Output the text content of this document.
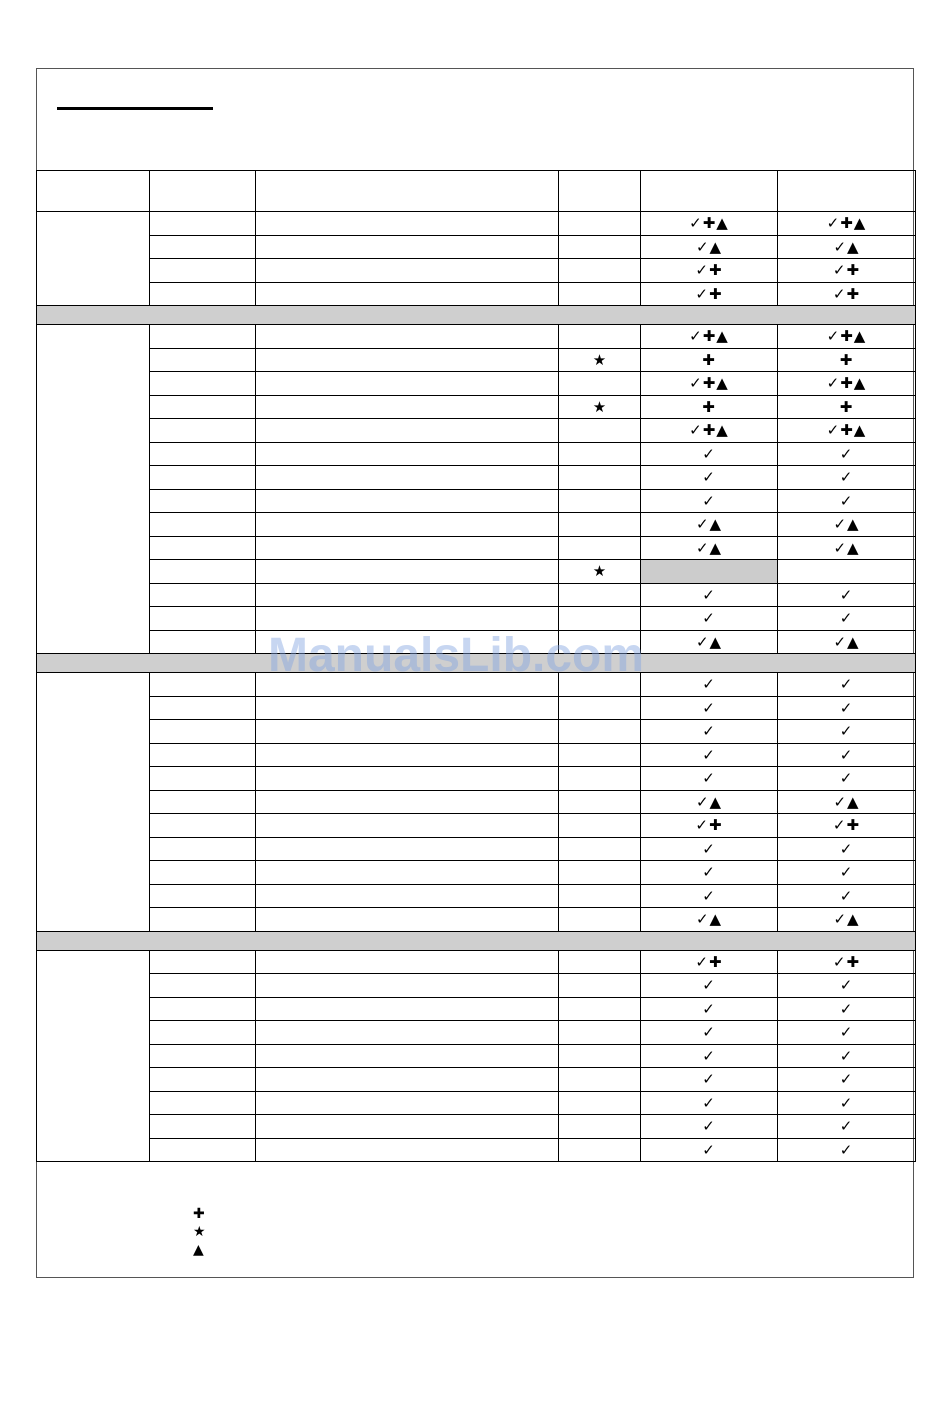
				✓✚▲	✓✚▲
				✓▲	✓▲
				✓✚	✓✚
				✓✚	✓✚

				✓✚▲	✓✚▲
			★	✚	✚
				✓✚▲	✓✚▲
			★	✚	✚
				✓✚▲	✓✚▲
				✓	✓
				✓	✓
				✓	✓
				✓▲	✓▲
				✓▲	✓▲
			★		
				✓	✓
				✓	✓
				✓▲	✓▲

				✓	✓
				✓	✓
				✓	✓
				✓	✓
				✓	✓
				✓▲	✓▲
				✓✚	✓✚
				✓	✓
				✓	✓
				✓	✓
				✓▲	✓▲

				✓✚	✓✚
				✓	✓
				✓	✓
				✓	✓
				✓	✓
				✓	✓
				✓	✓
				✓	✓
				✓	✓
✚
★
▲
ManualsLib.com
